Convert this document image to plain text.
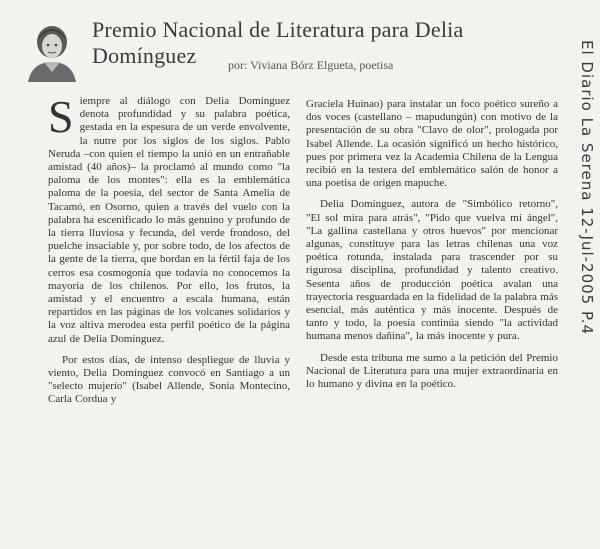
Premio Nacional de Literatura para Delia Domínguez	por: Viviana Bórz Elgueta, poetisa

Siempre al diálogo con Delia Domínguez denota profundidad y su palabra poética, gestada en la espesura de un verde envolvente, la nutre por los siglos de los siglos. Pablo Neruda –con quien el tiempo la unió en un entrañable amistad (40 años)– la proclamó al mundo como "la paloma de los montes": ella es la emblemática paloma de la poesía, del sector de Santa Amelia de Tacamó, en Osorno, quien a través del vuelo con la palabra ha escenificado lo más genuino y profundo de la tierra lluviosa y fecunda, del verde frondoso, del puelche insaciable y, por sobre todo, de los afectos de la gente de la tierra, que bordan en la fértil faja de los cerros esa cosmogonía que todavía no conocemos la mayoría de los chilenos. Por ello, los frutos, la amistad y el encuentro a escala humana, están repartidos en las páginas de los volcanes solidarios y la voz altiva merodea esta perfil poético de la página azul de Delia Domínguez.

Por estos días, de intenso despliegue de lluvia y viento, Delia Domínguez convocó en Santiago a un "selecto mujerío" (Isabel Allende, Sonia Montecino, Carla Cordua y

Graciela Huinao) para instalar un foco poético sureño a dos voces (castellano – mapudungún) con motivo de la presentación de su obra "Clavo de olor", prologada por Isabel Allende. La ocasión significó un hecho histórico, pues por primera vez la Academia Chilena de la Lengua recibió en la testera del emblemático salón de honor a una poetisa de origen mapuche.

Delia Domínguez, autora de "Simbólico retorno", "El sol mira para atrás", "Pido que vuelva mi ángel", "La gallina castellana y otros huevos" por mencionar algunas, constituye para las letras chilenas una voz poética rotunda, instalada para trascender por su rigurosa disciplina, profundidad y talento creativo. Sesenta años de producción poética avalan una trayectoria resguardada en la fidelidad de la palabra más esencial, más auténtica y más inocente. Después de tanto y todo, la poesía continúa siendo "la actividad humana menos dañina", la más inocente y pura.

Desde esta tribuna me sumo a la petición del Premio Nacional de Literatura para una mujer extraordinaria en lo humano y divina en la poético.

El Diario La Serena 12-Jul-2005 P.4
